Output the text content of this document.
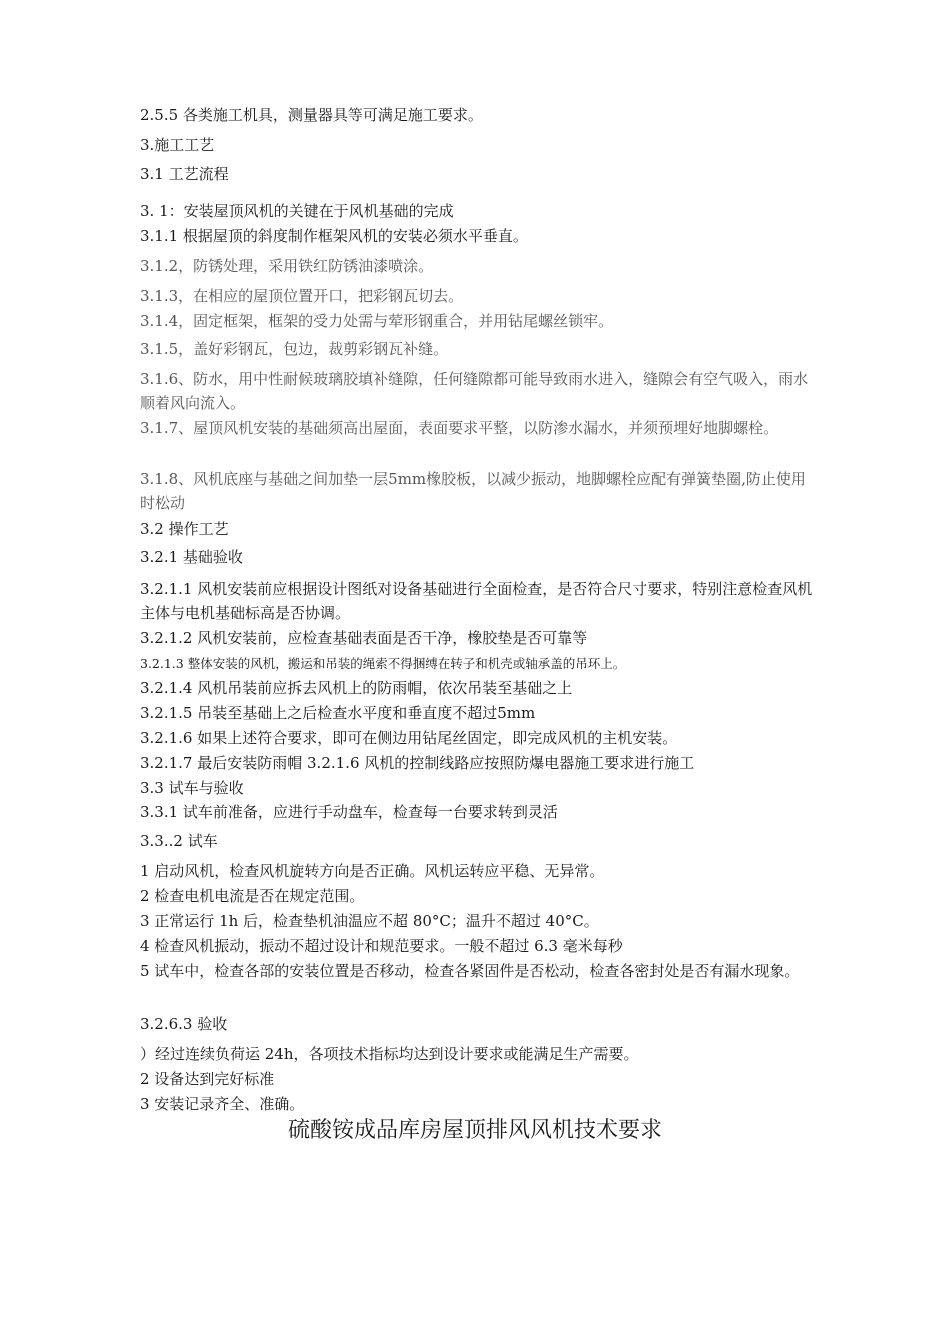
2.5.5 各类施工机具，测量器具等可满足施工要求。
3.施工工艺
3.1 工艺流程
3. 1：安装屋顶风机的关键在于风机基础的完成
3.1.1 根据屋顶的斜度制作框架风机的安装必须水平垂直。
3.1.2，防锈处理，采用铁红防锈油漆喷涂。
3.1.3，在相应的屋顶位置开口，把彩钢瓦切去。
3.1.4，固定框架，框架的受力处需与荤形钢重合，并用钻尾螺丝锁牢。
3.1.5，盖好彩钢瓦，包边，裁剪彩钢瓦补缝。
3.1.6、防水，用中性耐候玻璃胶填补缝隙，任何缝隙都可能导致雨水进入，缝隙会有空气吸入，雨水顺着风向流入。
3.1.7、屋顶风机安装的基础须高出屋面，表面要求平整，以防渗水漏水，并须预埋好地脚螺栓。
3.1.8、风机底座与基础之间加垫一层5mm橡胶板，以减少振动，地脚螺栓应配有弹簧垫圈,防止使用时松动
3.2 操作工艺
3.2.1 基础验收
3.2.1.1 风机安装前应根据设计图纸对设备基础进行全面检查，是否符合尺寸要求，特别注意检查风机主体与电机基础标高是否协调。
3.2.1.2 风机安装前，应检查基础表面是否干净，橡胶垫是否可靠等
3.2.1.3 整体安装的风机，搬运和吊装的绳索不得捆缚在转子和机壳或轴承盖的吊环上。
3.2.1.4 风机吊装前应拆去风机上的防雨帽，依次吊装至基础之上
3.2.1.5 吊装至基础上之后检查水平度和垂直度不超过5mm
3.2.1.6 如果上述符合要求，即可在侧边用钻尾丝固定，即完成风机的主机安装。
3.2.1.7 最后安装防雨帽 3.2.1.6 风机的控制线路应按照防爆电器施工要求进行施工
3.3 试车与验收
3.3.1 试车前准备，应进行手动盘车，检查每一台要求转到灵活
3.3..2 试车
1 启动风机，检查风机旋转方向是否正确。风机运转应平稳、无异常。
2 检查电机电流是否在规定范围。
3 正常运行 1h 后，检查垫机油温应不超 80°C；温升不超过 40°C。
4 检查风机振动，振动不超过设计和规范要求。一般不超过 6.3 毫米每秒
5 试车中，检查各部的安装位置是否移动，检查各紧固件是否松动，检查各密封处是否有漏水现象。
3.2.6.3 验收
）经过连续负荷运 24h，各项技术指标均达到设计要求或能满足生产需要。
2 设备达到完好标准
3 安装记录齐全、准确。
硫酸铵成品库房屋顶排风风机技术要求
